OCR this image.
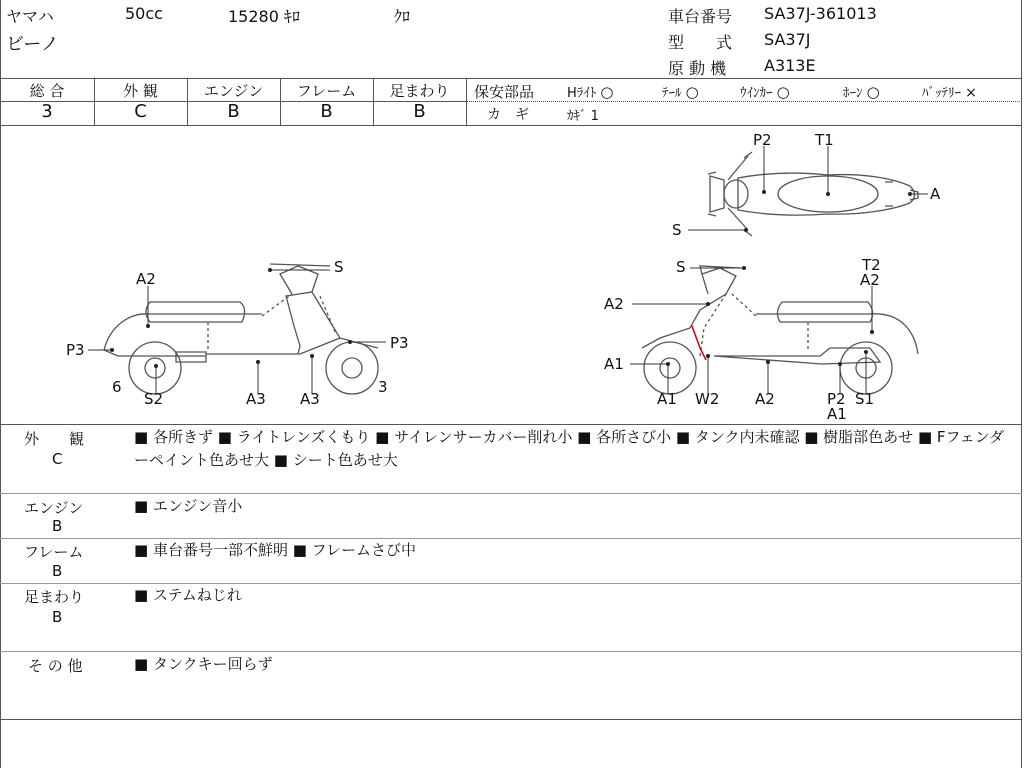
ヤマハ	50cc	15280 ｷﾛ	ｸﾛ
ビーノ
車台番号 SA37J-361013
型　　式 SA37J
原 動 機 A313E
総 合	外 観	エンジン	フレーム	足まわり
3	C	B	B	B
保安部品	Hﾗｲﾄ ○	ﾃｰﾙ ○	ｳｲﾝｶｰ ○	ﾎｰﾝ ○	ﾊﾞｯﾃﾘｰ ×
カ　ギ	ｶｷﾞ 1
P2	T1
A
S
A2
S
P3	P3
6
S2	A3 A3
3
S	T2
A2
A2
A1
A1 W2 A2	P2 S1
A1
外　　観
C
■ 各所きず ■ ライトレンズくもり ■ サイレンサーカバー削れ小 ■ 各所さび小 ■ タンク内未確認 ■ 樹脂部色あせ ■ Fフェンダーペイント色あせ大 ■ シート色あせ大
エンジン
B
■ エンジン音小
フレーム
B
■ 車台番号一部不鮮明 ■ フレームさび中
足まわり
B
■ ステムねじれ
そ の 他	■ タンクキー回らず
